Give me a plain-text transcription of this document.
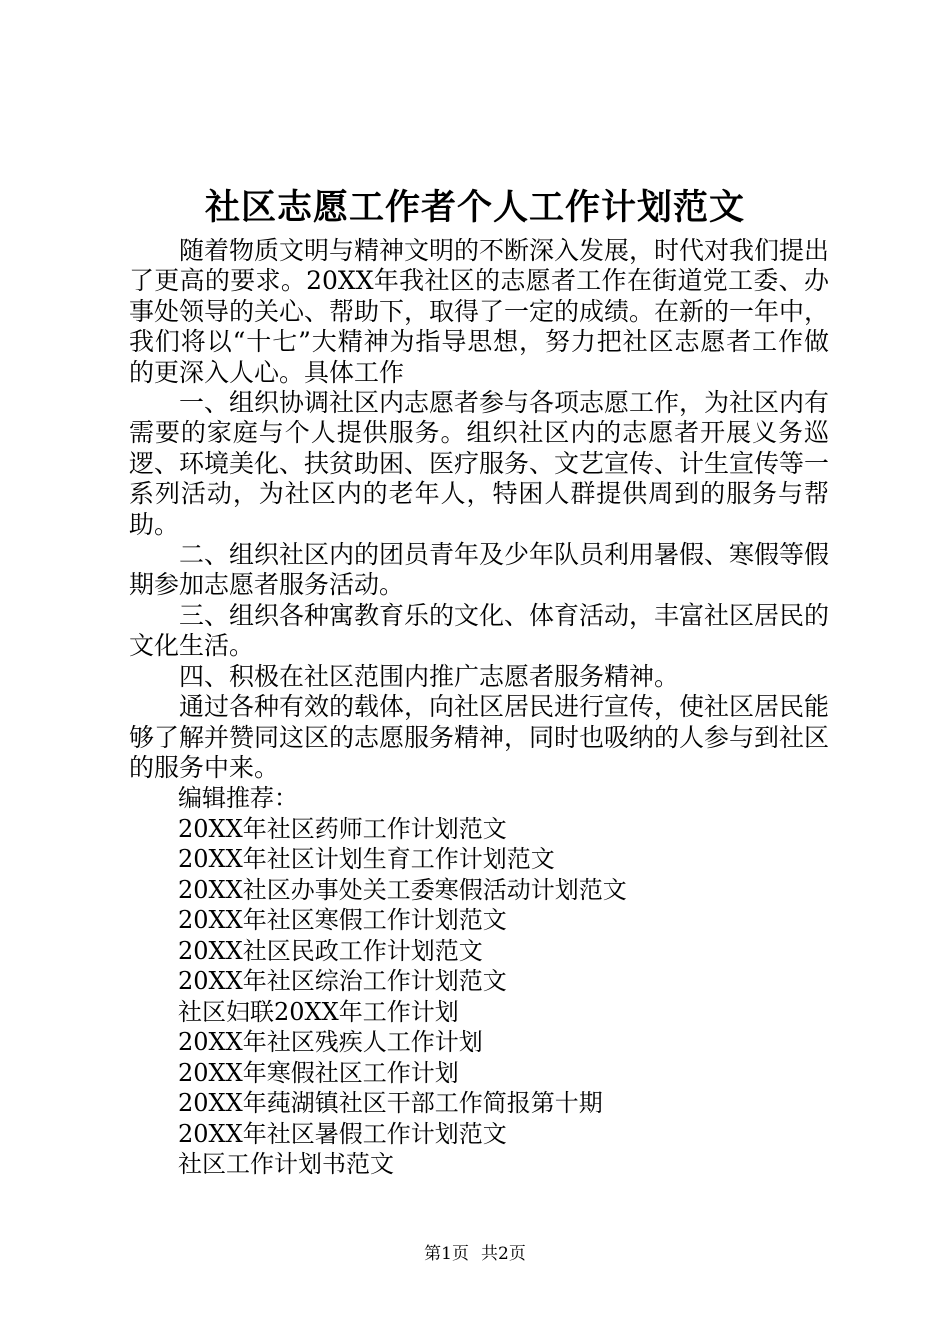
社区志愿工作者个人工作计划范文

随着物质文明与精神文明的不断深入发展，时代对我们提出了更高的要求。20XX年我社区的志愿者工作在街道党工委、办事处领导的关心、帮助下，取得了一定的成绩。在新的一年中，我们将以“十七”大精神为指导思想，努力把社区志愿者工作做的更深入人心。具体工作

一、组织协调社区内志愿者参与各项志愿工作，为社区内有需要的家庭与个人提供服务。组织社区内的志愿者开展义务巡逻、环境美化、扶贫助困、医疗服务、文艺宣传、计生宣传等一系列活动，为社区内的老年人，特困人群提供周到的服务与帮助。

二、组织社区内的团员青年及少年队员利用暑假、寒假等假期参加志愿者服务活动。

三、组织各种寓教育乐的文化、体育活动，丰富社区居民的文化生活。

四、积极在社区范围内推广志愿者服务精神。

通过各种有效的载体，向社区居民进行宣传，使社区居民能够了解并赞同这区的志愿服务精神，同时也吸纳的人参与到社区的服务中来。

编辑推荐：
20XX年社区药师工作计划范文
20XX年社区计划生育工作计划范文
20XX社区办事处关工委寒假活动计划范文
20XX年社区寒假工作计划范文
20XX社区民政工作计划范文
20XX年社区综治工作计划范文
社区妇联20XX年工作计划
20XX年社区残疾人工作计划
20XX年寒假社区工作计划
20XX年莼湖镇社区干部工作简报第十期
20XX年社区暑假工作计划范文
社区工作计划书范文
第1页 共2页
